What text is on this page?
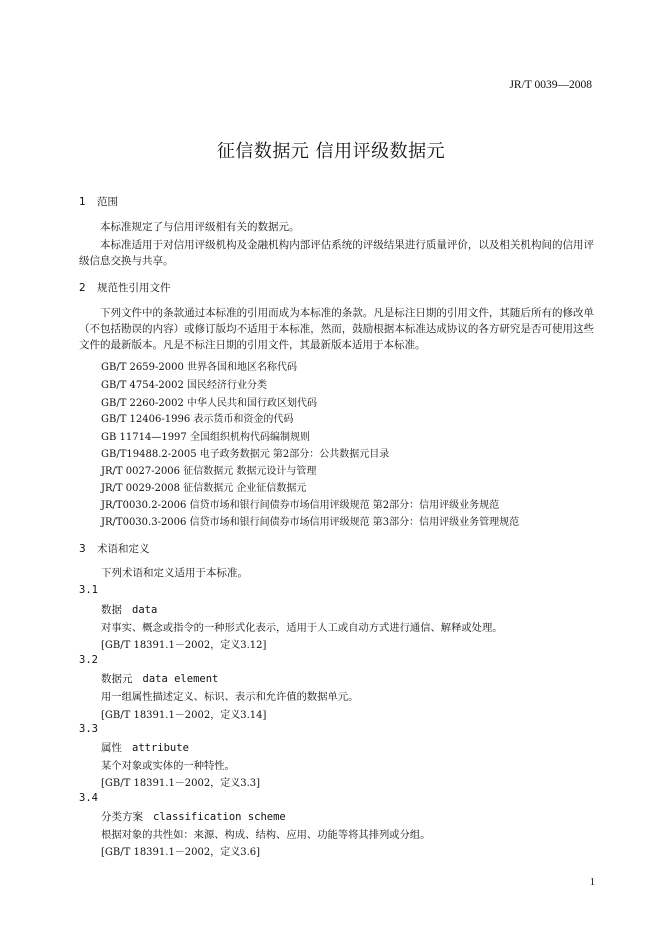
JR/T 0039—2008
征信数据元 信用评级数据元
1 范围
本标准规定了与信用评级相有关的数据元。
本标准适用于对信用评级机构及金融机构内部评估系统的评级结果进行质量评价，以及相关机构间的信用评级信息交换与共享。
2 规范性引用文件
下列文件中的条款通过本标准的引用而成为本标准的条款。凡是标注日期的引用文件，其随后所有的修改单（不包括勘误的内容）或修订版均不适用于本标准，然而，鼓励根据本标准达成协议的各方研究是否可使用这些文件的最新版本。凡是不标注日期的引用文件，其最新版本适用于本标准。
GB/T 2659-2000 世界各国和地区名称代码
GB/T 4754-2002 国民经济行业分类
GB/T 2260-2002 中华人民共和国行政区划代码
GB/T 12406-1996 表示货币和资金的代码
GB 11714—1997 全国组织机构代码编制规则
GB/T19488.2-2005 电子政务数据元 第2部分：公共数据元目录
JR/T 0027-2006 征信数据元 数据元设计与管理
JR/T 0029-2008 征信数据元 企业征信数据元
JR/T0030.2-2006 信贷市场和银行间债券市场信用评级规范 第2部分：信用评级业务规范
JR/T0030.3-2006 信贷市场和银行间债券市场信用评级规范 第3部分：信用评级业务管理规范
3 术语和定义
下列术语和定义适用于本标准。
3.1
数据 data
对事实、概念或指令的一种形式化表示，适用于人工或自动方式进行通信、解释或处理。
[GB/T 18391.1－2002，定义3.12]
3.2
数据元 data element
用一组属性描述定义、标识、表示和允许值的数据单元。
[GB/T 18391.1－2002，定义3.14]
3.3
属性 attribute
某个对象或实体的一种特性。
[GB/T 18391.1－2002，定义3.3]
3.4
分类方案 classification scheme
根据对象的共性如：来源、构成、结构、应用、功能等将其排列或分组。
[GB/T 18391.1－2002，定义3.6]
1
